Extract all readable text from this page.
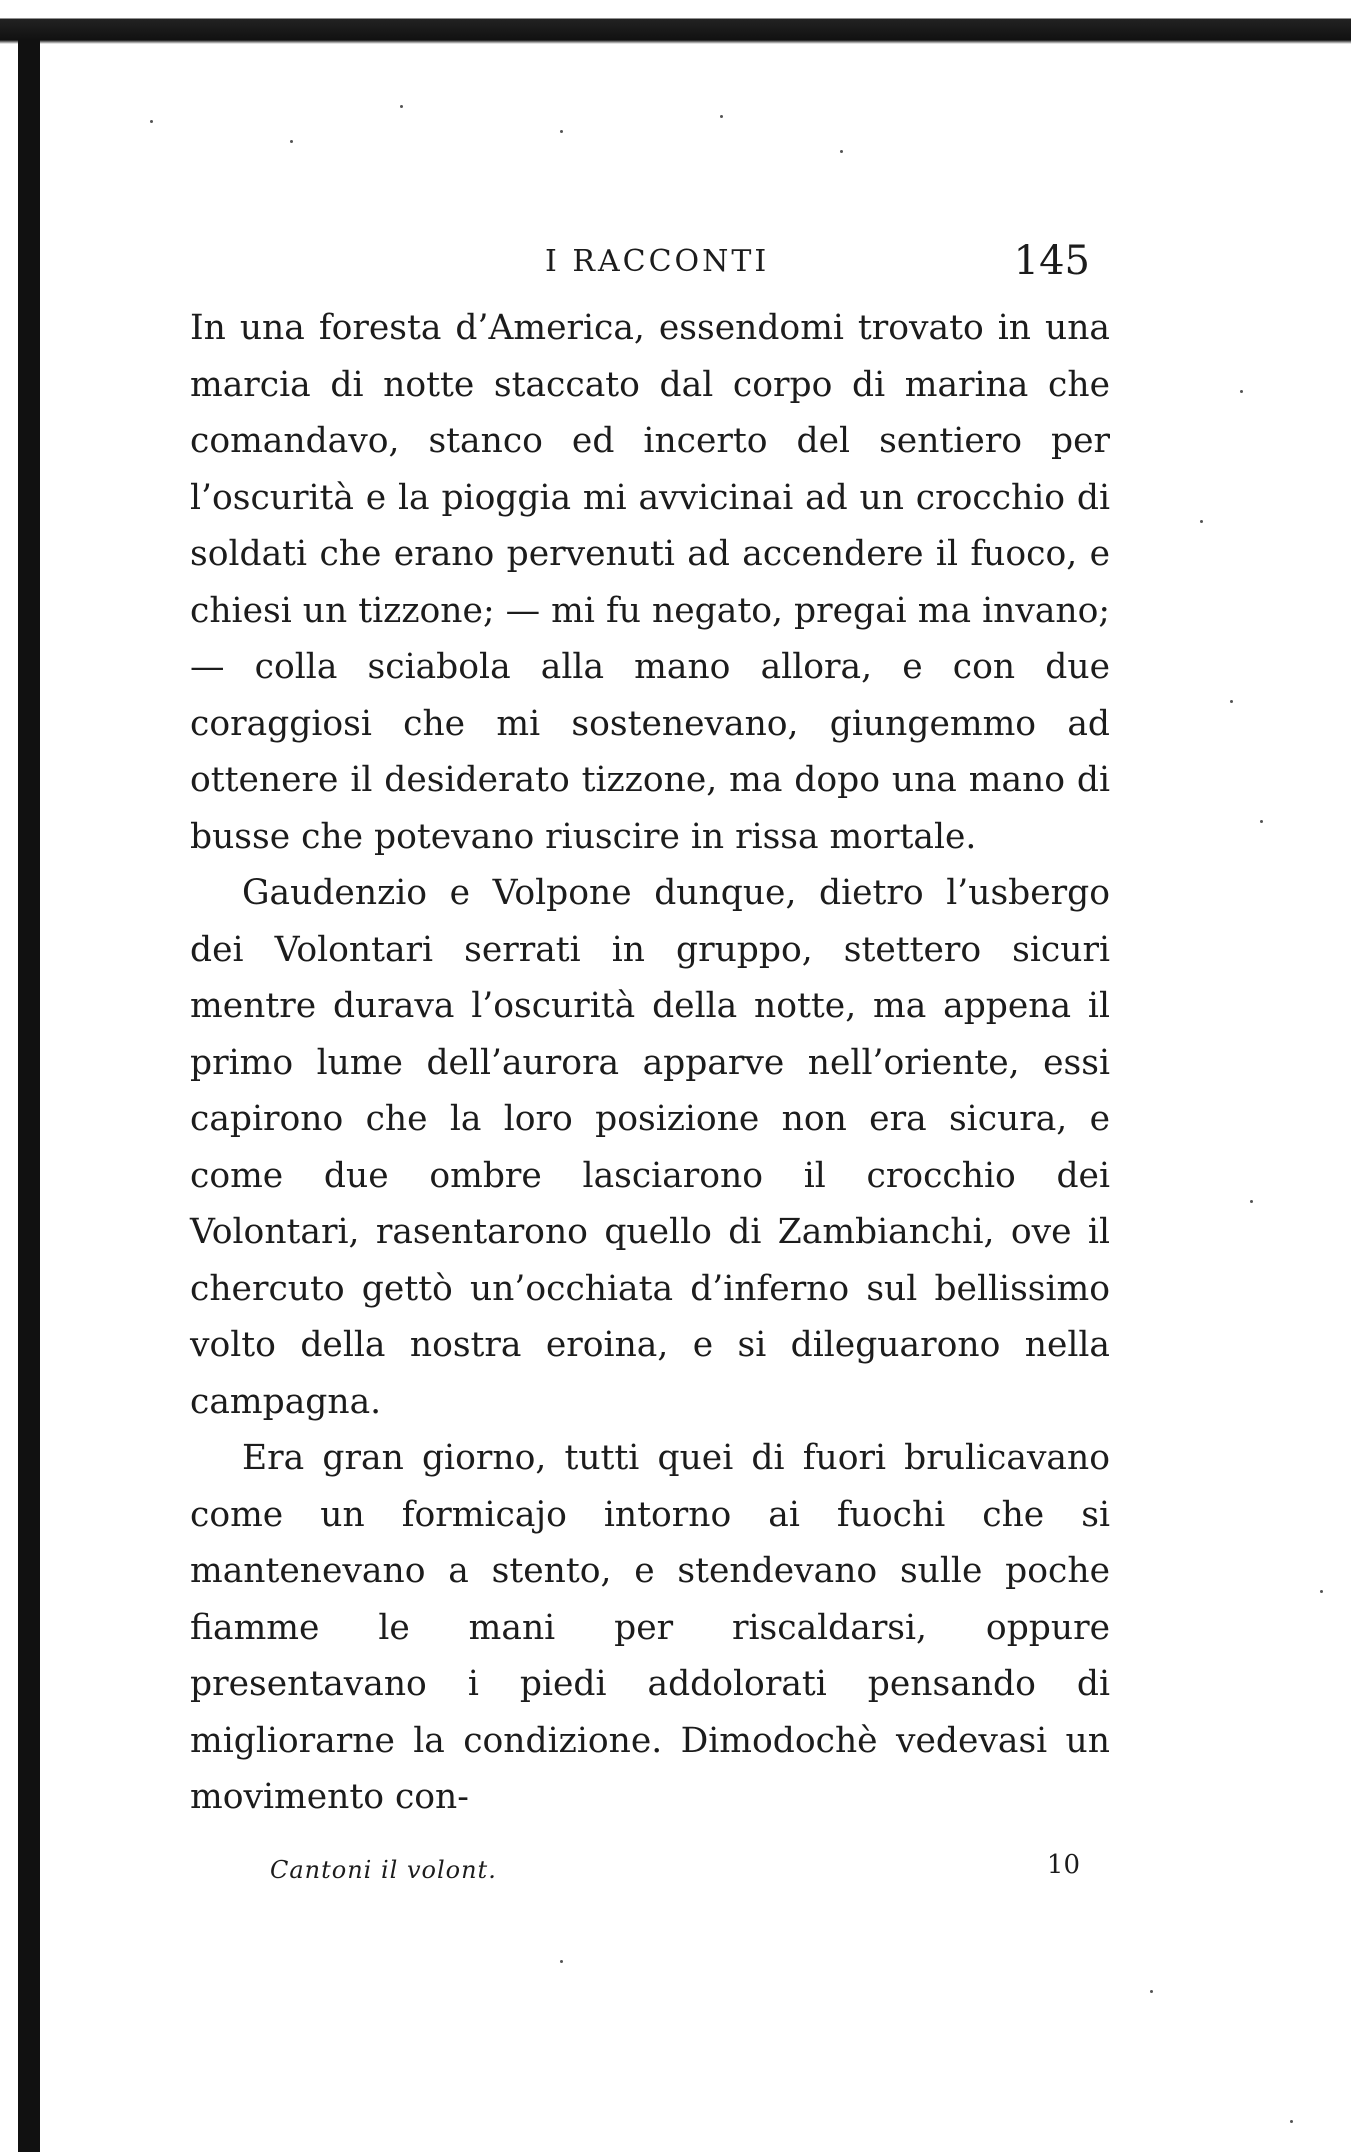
I RACCONTI	145

In una foresta d’America, essendomi trovato in una marcia di notte staccato dal corpo di marina che comandavo, stanco ed incerto del sentiero per l’oscurità e la pioggia mi avvicinai ad un crocchio di soldati che erano pervenuti ad accendere il fuoco, e chiesi un tizzone; — mi fu negato, pregai ma invano; — colla sciabola alla mano allora, e con due coraggiosi che mi sostenevano, giungemmo ad ottenere il desiderato tizzone, ma dopo una mano di busse che potevano riuscire in rissa mortale.

Gaudenzio e Volpone dunque, dietro l’usbergo dei Volontari serrati in gruppo, stettero sicuri mentre durava l’oscurità della notte, ma appena il primo lume dell’aurora apparve nell’oriente, essi capirono che la loro posizione non era sicura, e come due ombre lasciarono il crocchio dei Volontari, rasentarono quello di Zambianchi, ove il chercuto gettò un’occhiata d’inferno sul bellissimo volto della nostra eroina, e si dileguarono nella campagna.

Era gran giorno, tutti quei di fuori brulicavano come un formicajo intorno ai fuochi che si mantenevano a stento, e stendevano sulle poche fiamme le mani per riscaldarsi, oppure presentavano i piedi addolorati pensando di migliorarne la condizione. Dimodochè vedevasi un movimento con-

Cantoni il volont.	10
